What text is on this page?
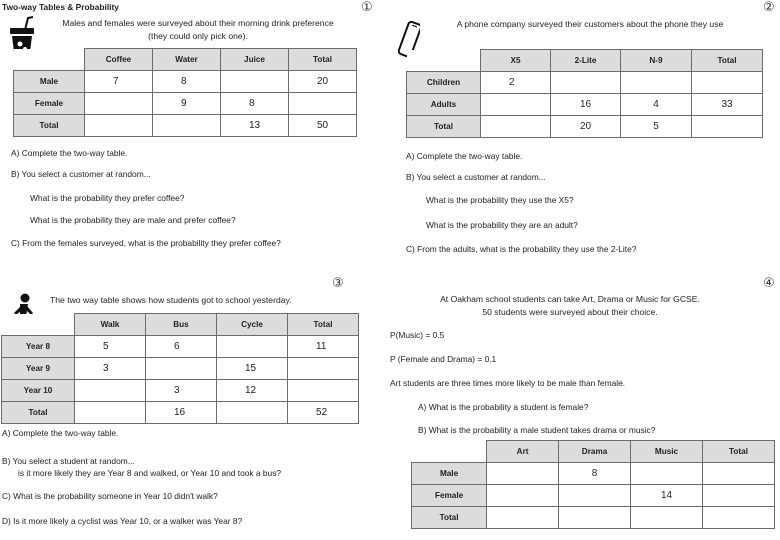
Two-way Tables & Probability	①
Males and females were surveyed about their morning drink preference
(they could only pick one).
	Coffee	Water	Juice	Total
Male	7	8		20
Female		9	8	
Total			13	50
A) Complete the two-way table.
B) You select a customer at random...
What is the probability they prefer coffee?
What is the probability they are male and prefer coffee?
C) From the females surveyed, what is the probability they prefer coffee?
②
A phone company surveyed their customers about the phone they use
	X5	2-Lite	N-9	Total
Children	2			
Adults		16	4	33
Total		20	5	
A) Complete the two-way table.
B) You select a customer at random...
What is the probability they use the X5?
What is the probability they are an adult?
C) From the adults, what is the probability they use the 2-Lite?
③
The two way table shows how students got to school yesterday.
	Walk	Bus	Cycle	Total
Year 8	5	6		11
Year 9	3		15	
Year 10		3	12	
Total		16		52
A) Complete the two-way table.
B) You select a student at random...
is it more likely they are Year 8 and walked, or Year 10 and took a bus?
C) What is the probability someone in Year 10 didn't walk?
D) Is it more likely a cyclist was Year 10, or a walker was Year 8?
④
At Oakham school students can take Art, Drama or Music for GCSE.
50 students were surveyed about their choice.
P(Music) = 0.5
P (Female and Drama) = 0.1
Art students are three times more likely to be male than female.
A) What is the probability a student is female?
B) What is the probability a male student takes drama or music?
	Art	Drama	Music	Total
Male		8		
Female			14	
Total				
